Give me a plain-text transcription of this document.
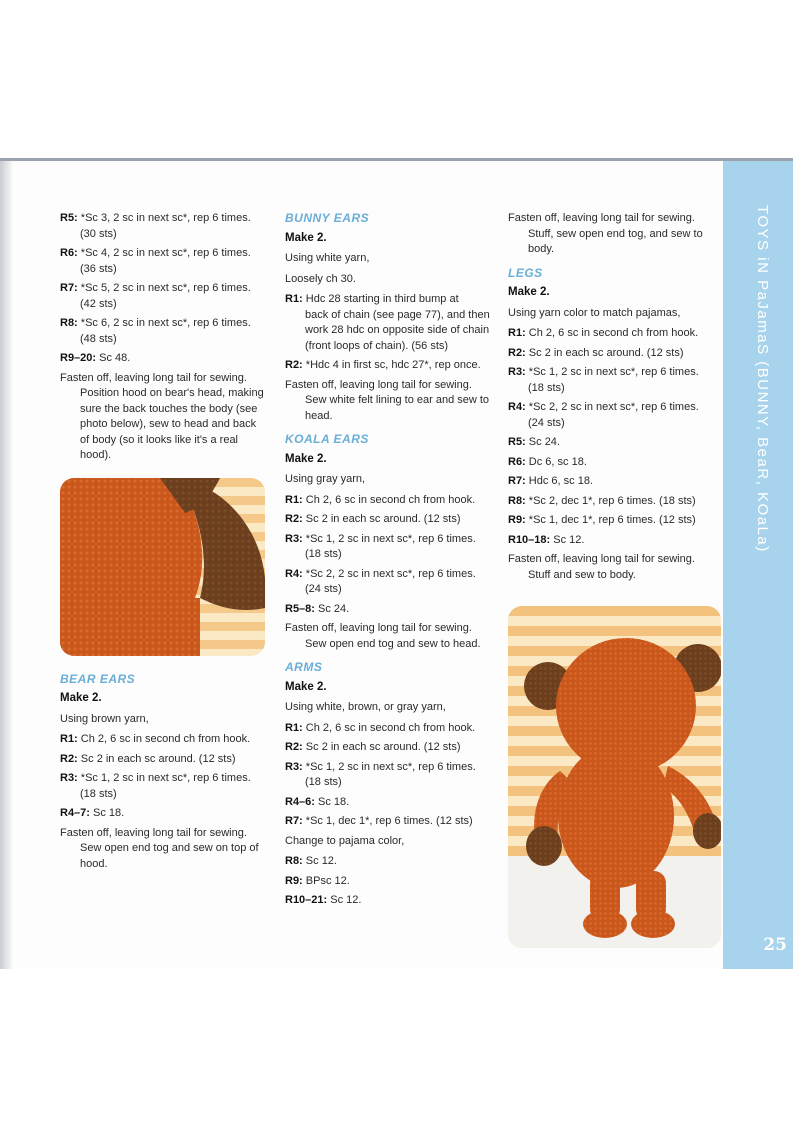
R5: *Sc 3, 2 sc in next sc*, rep 6 times.
(30 sts)
R6: *Sc 4, 2 sc in next sc*, rep 6 times.
(36 sts)
R7: *Sc 5, 2 sc in next sc*, rep 6 times.
(42 sts)
R8: *Sc 6, 2 sc in next sc*, rep 6 times.
(48 sts)
R9–20: Sc 48.
Fasten off, leaving long tail for sewing.
Position hood on bear's head, making sure the back touches the body (see photo below), sew to head and back of body (so it looks like it's a real hood).
BEAR EARS
Make 2.
Using brown yarn,
R1: Ch 2, 6 sc in second ch from hook.
R2: Sc 2 in each sc around. (12 sts)
R3: *Sc 1, 2 sc in next sc*, rep 6 times.
(18 sts)
R4–7: Sc 18.
Fasten off, leaving long tail for sewing.
Sew open end tog and sew on top of hood.
BUNNY EARS
Make 2.
Using white yarn,
Loosely ch 30.
R1: Hdc 28 starting in third bump at
back of chain (see page 77), and then work 28 hdc on opposite side of chain (front loops of chain). (56 sts)
R2: *Hdc 4 in first sc, hdc 27*, rep once.
Fasten off, leaving long tail for sewing.
Sew white felt lining to ear and sew to head.
KOALA EARS
Make 2.
Using gray yarn,
R1: Ch 2, 6 sc in second ch from hook.
R2: Sc 2 in each sc around. (12 sts)
R3: *Sc 1, 2 sc in next sc*, rep 6 times.
(18 sts)
R4: *Sc 2, 2 sc in next sc*, rep 6 times.
(24 sts)
R5–8: Sc 24.
Fasten off, leaving long tail for sewing.
Sew open end tog and sew to head.
ARMS
Make 2.
Using white, brown, or gray yarn,
R1: Ch 2, 6 sc in second ch from hook.
R2: Sc 2 in each sc around. (12 sts)
R3: *Sc 1, 2 sc in next sc*, rep 6 times.
(18 sts)
R4–6: Sc 18.
R7: *Sc 1, dec 1*, rep 6 times. (12 sts)
Change to pajama color,
R8: Sc 12.
R9: BPsc 12.
R10–21: Sc 12.
Fasten off, leaving long tail for sewing.
Stuff, sew open end tog, and sew to body.
LEGS
Make 2.
Using yarn color to match pajamas,
R1: Ch 2, 6 sc in second ch from hook.
R2: Sc 2 in each sc around. (12 sts)
R3: *Sc 1, 2 sc in next sc*, rep 6 times.
(18 sts)
R4: *Sc 2, 2 sc in next sc*, rep 6 times.
(24 sts)
R5: Sc 24.
R6: Dc 6, sc 18.
R7: Hdc 6, sc 18.
R8: *Sc 2, dec 1*, rep 6 times. (18 sts)
R9: *Sc 1, dec 1*, rep 6 times. (12 sts)
R10–18: Sc 12.
Fasten off, leaving long tail for sewing.
Stuff and sew to body.
TOYS iN PaJamaS (BUNNY, BeaR, KOaLa)
25
